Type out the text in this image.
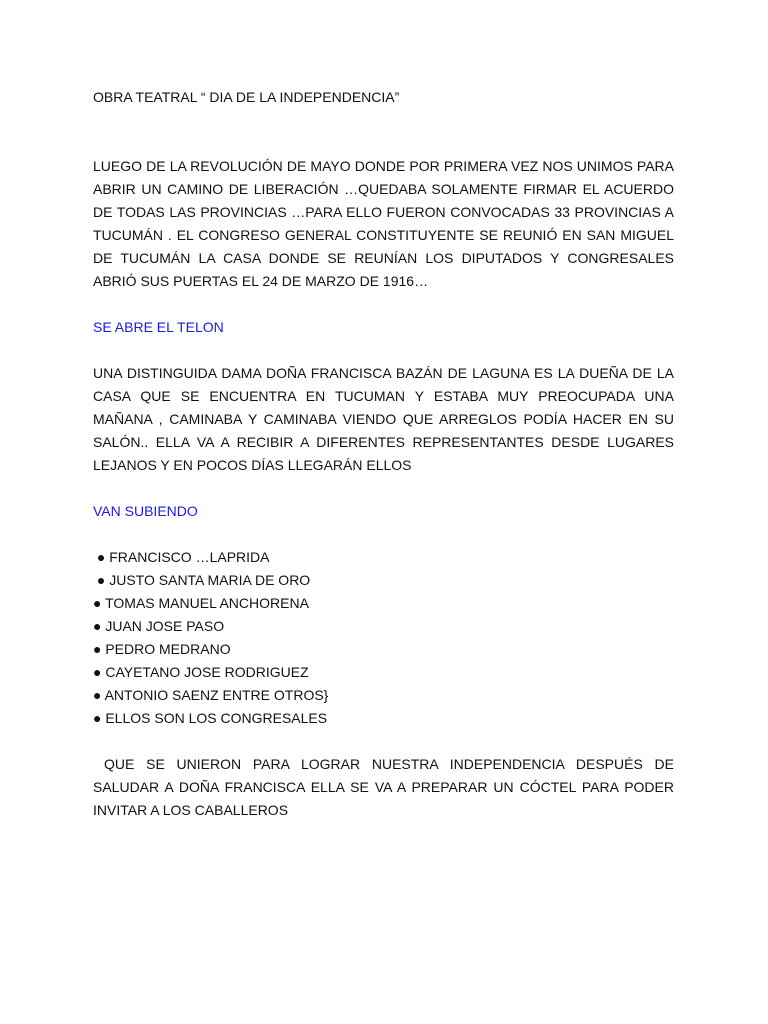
OBRA TEATRAL “ DIA DE LA INDEPENDENCIA”

LUEGO DE LA REVOLUCIÓN DE MAYO DONDE POR PRIMERA VEZ NOS UNIMOS PARA ABRIR UN CAMINO DE LIBERACIÓN …QUEDABA SOLAMENTE FIRMAR EL ACUERDO DE TODAS LAS PROVINCIAS …PARA ELLO FUERON CONVOCADAS 33 PROVINCIAS A TUCUMÁN . EL CONGRESO GENERAL CONSTITUYENTE SE REUNIÓ EN SAN MIGUEL DE TUCUMÁN LA CASA DONDE SE REUNÍAN LOS DIPUTADOS Y CONGRESALES ABRIÓ SUS PUERTAS EL 24 DE MARZO DE 1916…

SE ABRE EL TELON

UNA DISTINGUIDA DAMA DOÑA FRANCISCA BAZÁN DE LAGUNA ES LA DUEÑA DE LA CASA QUE SE ENCUENTRA EN TUCUMAN Y ESTABA MUY PREOCUPADA UNA MAÑANA , CAMINABA Y CAMINABA VIENDO QUE ARREGLOS PODÍA HACER EN SU SALÓN.. ELLA VA A RECIBIR A DIFERENTES REPRESENTANTES DESDE LUGARES LEJANOS Y EN POCOS DÍAS LLEGARÁN ELLOS

VAN SUBIENDO

● FRANCISCO …LAPRIDA
● JUSTO SANTA MARIA DE ORO
● TOMAS MANUEL ANCHORENA
● JUAN JOSE PASO
● PEDRO MEDRANO
● CAYETANO JOSE RODRIGUEZ
● ANTONIO SAENZ ENTRE OTROS}
● ELLOS SON LOS CONGRESALES

QUE SE UNIERON PARA LOGRAR NUESTRA INDEPENDENCIA DESPUÉS DE SALUDAR A DOÑA FRANCISCA ELLA SE VA A PREPARAR UN CÓCTEL PARA PODER INVITAR A LOS CABALLEROS
